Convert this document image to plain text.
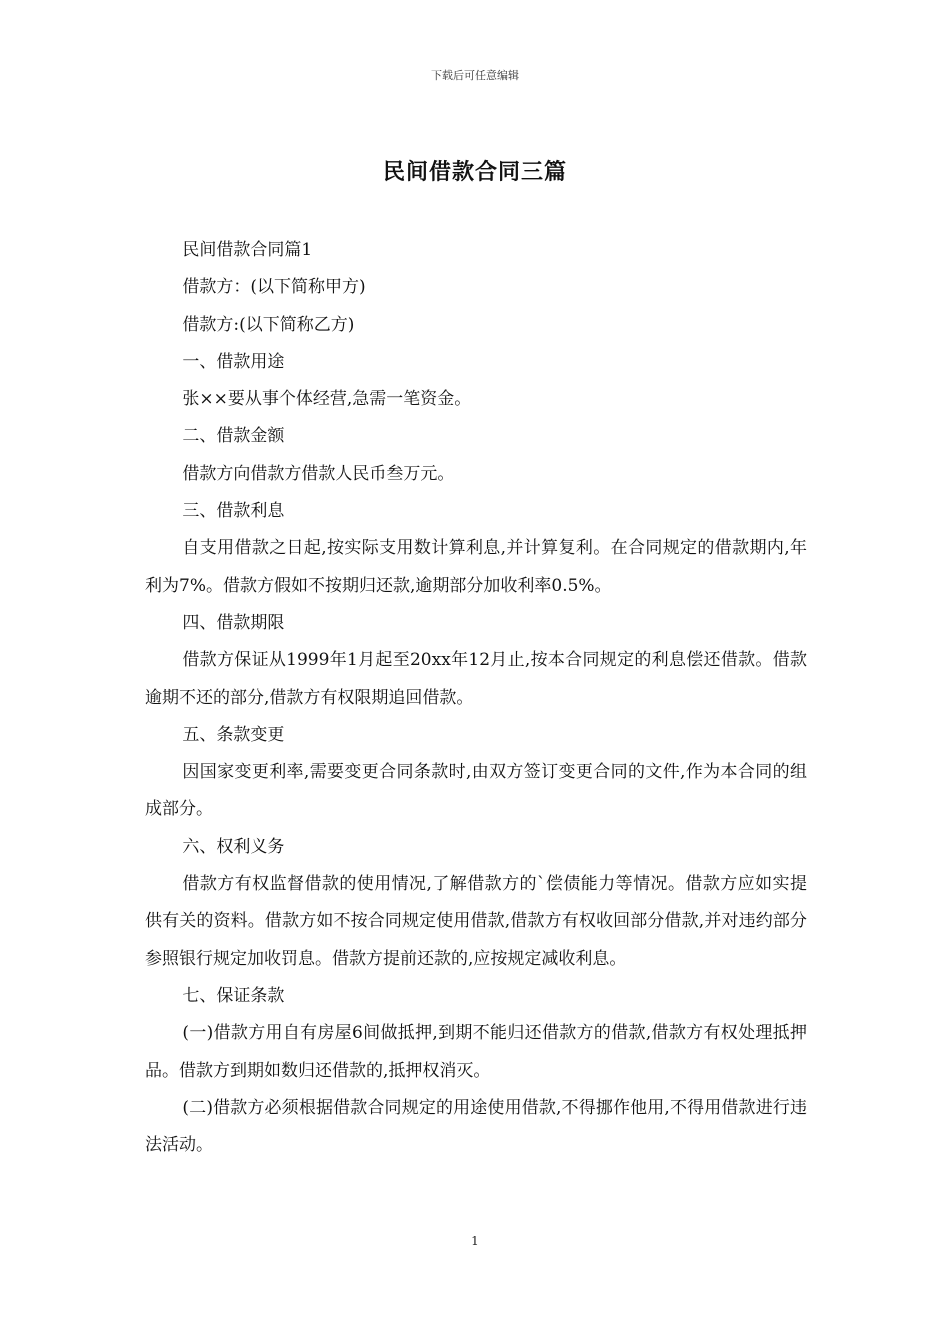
下载后可任意编辑
民间借款合同三篇

民间借款合同篇1

借款方：(以下简称甲方)

借款方:(以下简称乙方)

一、借款用途

张××要从事个体经营,急需一笔资金。

二、借款金额

借款方向借款方借款人民币叁万元。

三、借款利息

自支用借款之日起,按实际支用数计算利息,并计算复利。在合同规定的借款期内,年利为7%。借款方假如不按期归还款,逾期部分加收利率0.5%。

四、借款期限

借款方保证从1999年1月起至20xx年12月止,按本合同规定的利息偿还借款。借款逾期不还的部分,借款方有权限期追回借款。

五、条款变更

因国家变更利率,需要变更合同条款时,由双方签订变更合同的文件,作为本合同的组成部分。

六、权利义务

借款方有权监督借款的使用情况,了解借款方的`偿债能力等情况。借款方应如实提供有关的资料。借款方如不按合同规定使用借款,借款方有权收回部分借款,并对违约部分参照银行规定加收罚息。借款方提前还款的,应按规定减收利息。

七、保证条款

(一)借款方用自有房屋6间做抵押,到期不能归还借款方的借款,借款方有权处理抵押品。借款方到期如数归还借款的,抵押权消灭。

(二)借款方必须根据借款合同规定的用途使用借款,不得挪作他用,不得用借款进行违法活动。

1
